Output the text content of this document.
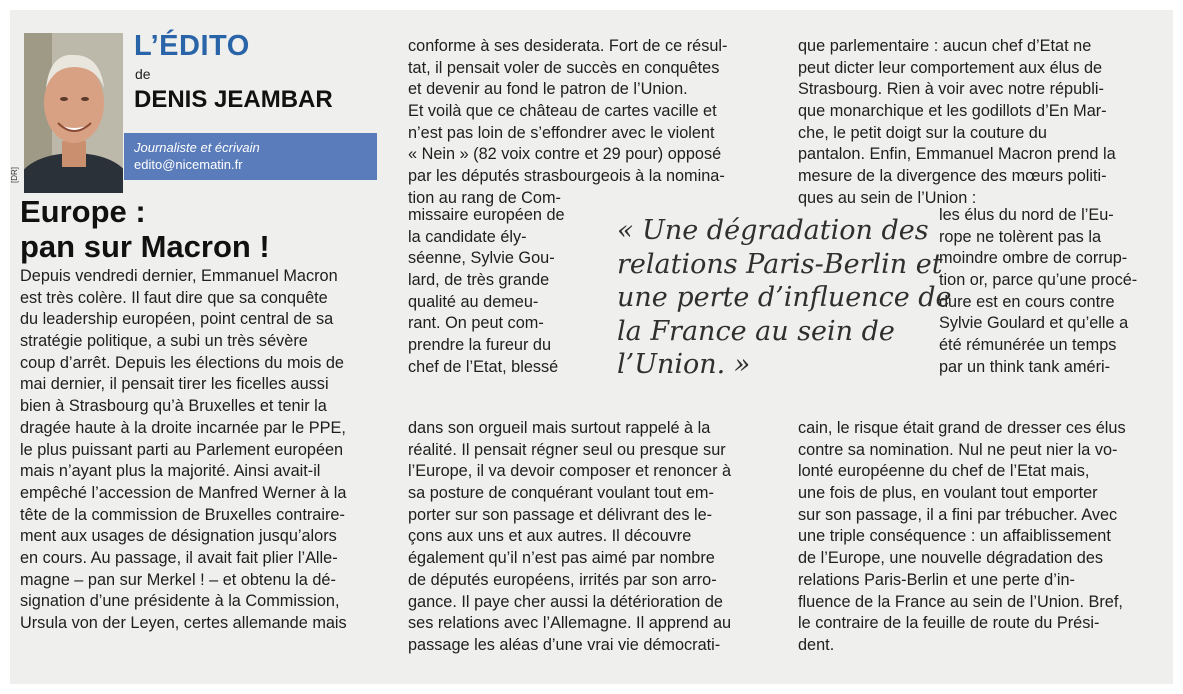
[DR]
L’ÉDITO
de
DENIS JEAMBAR
Journaliste et écrivain
edito@nicematin.fr
Europe :
pan sur Macron !
Depuis vendredi dernier, Emmanuel Macron
est très colère. Il faut dire que sa conquête
du leadership européen, point central de sa
stratégie politique, a subi un très sévère
coup d’arrêt. Depuis les élections du mois de
mai dernier, il pensait tirer les ficelles aussi
bien à Strasbourg qu’à Bruxelles et tenir la
dragée haute à la droite incarnée par le PPE,
le plus puissant parti au Parlement européen
mais n’ayant plus la majorité. Ainsi avait-il
empêché l’accession de Manfred Werner à la
tête de la commission de Bruxelles contraire-
ment aux usages de désignation jusqu’alors
en cours. Au passage, il avait fait plier l’Alle-
magne – pan sur Merkel ! – et obtenu la dé-
signation d’une présidente à la Commission,
Ursula von der Leyen, certes allemande mais
conforme à ses desiderata. Fort de ce résul-
tat, il pensait voler de succès en conquêtes
et devenir au fond le patron de l’Union.
Et voilà que ce château de cartes vacille et
n’est pas loin de s’effondrer avec le violent
« Nein » (82 voix contre et 29 pour) opposé
par les députés strasbourgeois à la nomina-
tion au rang de Com-
missaire européen de
la candidate ély-
séenne, Sylvie Gou-
lard, de très grande
qualité au demeu-
rant. On peut com-
prendre la fureur du
chef de l’Etat, blessé
dans son orgueil mais surtout rappelé à la
réalité. Il pensait régner seul ou presque sur
l’Europe, il va devoir composer et renoncer à
sa posture de conquérant voulant tout em-
porter sur son passage et délivrant des le-
çons aux uns et aux autres. Il découvre
également qu’il n’est pas aimé par nombre
de députés européens, irrités par son arro-
gance. Il paye cher aussi la détérioration de
ses relations avec l’Allemagne. Il apprend au
passage les aléas d’une vrai vie démocrati-
que parlementaire : aucun chef d’Etat ne
peut dicter leur comportement aux élus de
Strasbourg. Rien à voir avec notre républi-
que monarchique et les godillots d’En Mar-
che, le petit doigt sur la couture du
pantalon. Enfin, Emmanuel Macron prend la
mesure de la divergence des mœurs politi-
ques au sein de l’Union :
les élus du nord de l’Eu-
rope ne tolèrent pas la
moindre ombre de corrup-
tion or, parce qu’une procé-
dure est en cours contre
Sylvie Goulard et qu’elle a
été rémunérée un temps
par un think tank améri-
cain, le risque était grand de dresser ces élus
contre sa nomination. Nul ne peut nier la vo-
lonté européenne du chef de l’Etat mais,
une fois de plus, en voulant tout emporter
sur son passage, il a fini par trébucher. Avec
une triple conséquence : un affaiblissement
de l’Europe, une nouvelle dégradation des
relations Paris-Berlin et une perte d’in-
fluence de la France au sein de l’Union. Bref,
le contraire de la feuille de route du Prési-
dent.
« Une dégradation des
relations Paris-Berlin et
une perte d’influence de
la France au sein de
l’Union. »
